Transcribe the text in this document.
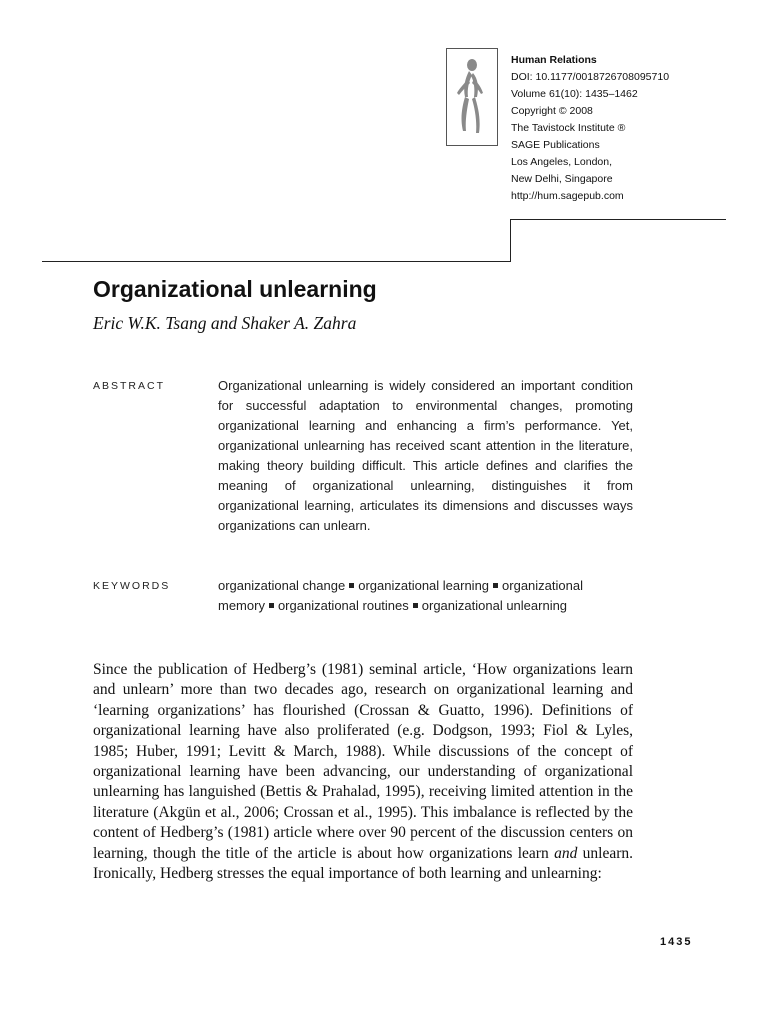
Human Relations
DOI: 10.1177/0018726708095710
Volume 61(10): 1435–1462
Copyright © 2008
The Tavistock Institute ®
SAGE Publications
Los Angeles, London,
New Delhi, Singapore
http://hum.sagepub.com
Organizational unlearning

Eric W.K. Tsang and Shaker A. Zahra

ABSTRACT	Organizational unlearning is widely considered an important condition for successful adaptation to environmental changes, promoting organizational learning and enhancing a firm’s performance. Yet, organizational unlearning has received scant attention in the literature, making theory building difficult. This article defines and clarifies the meaning of organizational unlearning, distinguishes it from organizational learning, articulates its dimensions and discusses ways organizations can unlearn.
KEYWORDS	organizational change organizational learning organizational memory organizational routines organizational unlearning

Since the publication of Hedberg’s (1981) seminal article, ‘How organizations learn and unlearn’ more than two decades ago, research on organizational learning and ‘learning organizations’ has flourished (Crossan & Guatto, 1996). Definitions of organizational learning have also proliferated (e.g. Dodgson, 1993; Fiol & Lyles, 1985; Huber, 1991; Levitt & March, 1988). While discussions of the concept of organizational learning have been advancing, our understanding of organizational unlearning has languished (Bettis & Prahalad, 1995), receiving limited attention in the literature (Akgün et al., 2006; Crossan et al., 1995). This imbalance is reflected by the content of Hedberg’s (1981) article where over 90 percent of the discussion centers on learning, though the title of the article is about how organizations learn and unlearn. Ironically, Hedberg stresses the equal importance of both learning and unlearning:

1435
